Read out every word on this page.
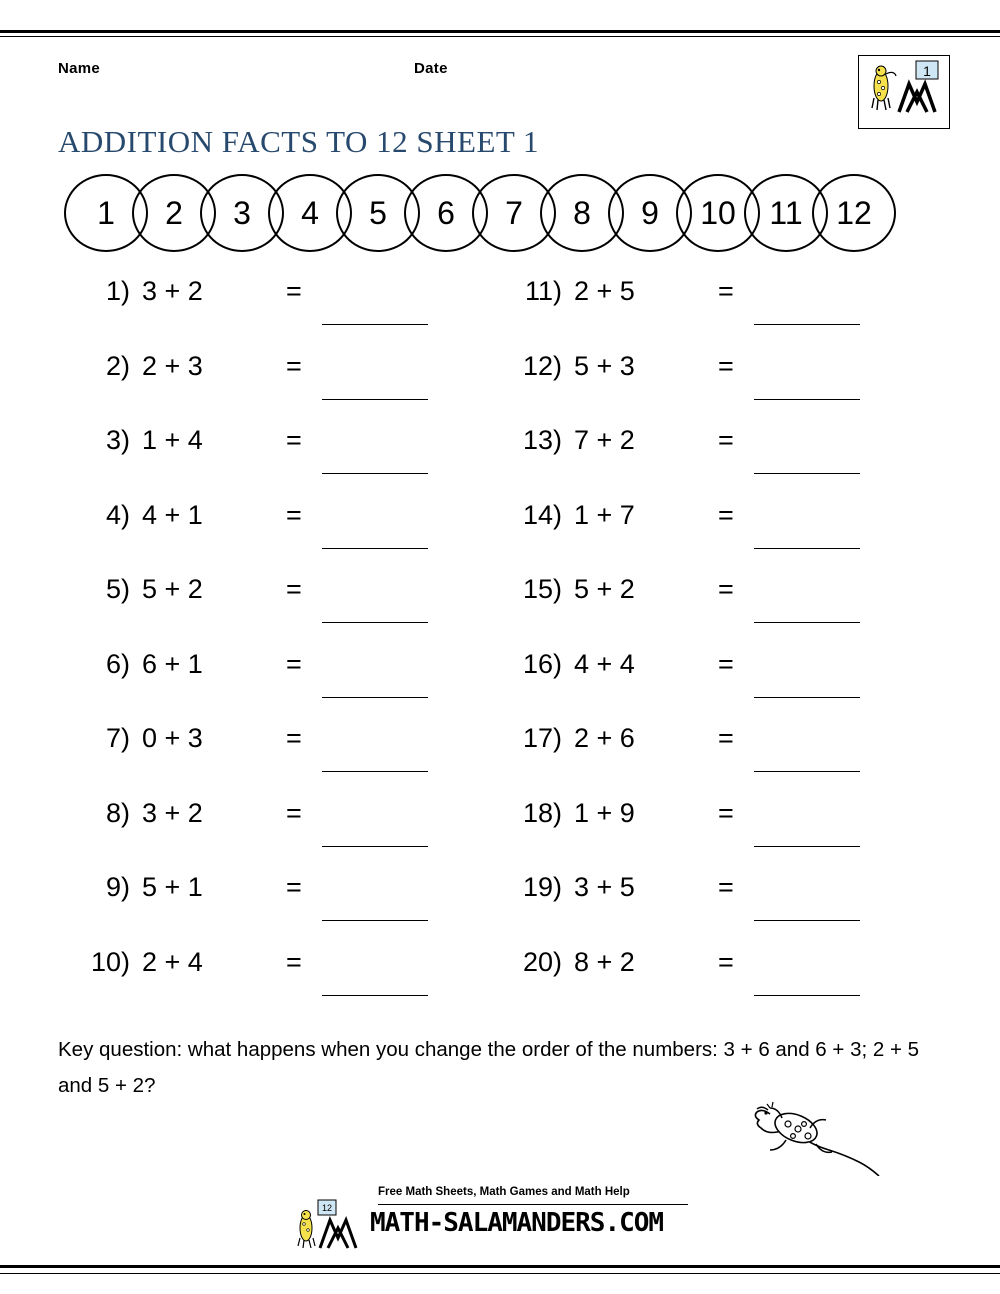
Name	Date	1
ADDITION FACTS TO 12 SHEET 1
1	2	3	4	5	6	7	8	9	10	11	12
1) 3 + 2	=
2) 2 + 3	=
3) 1 + 4	=
4) 4 + 1	=
5) 5 + 2	=
6) 6 + 1	=
7) 0 + 3	=
8) 3 + 2	=
9) 5 + 1	=
10) 2 + 4	=
11) 2 + 5	=
12) 5 + 3	=
13) 7 + 2	=
14) 1 + 7	=
15) 5 + 2	=
16) 4 + 4	=
17) 2 + 6	=
18) 1 + 9	=
19) 3 + 5	=
20) 8 + 2	=
Key question: what happens when you change the order of the numbers: 3 + 6 and 6 + 3; 2 + 5 and 5 + 2?
12
Free Math Sheets, Math Games and Math Help
MATH-SALAMANDERS.COM
